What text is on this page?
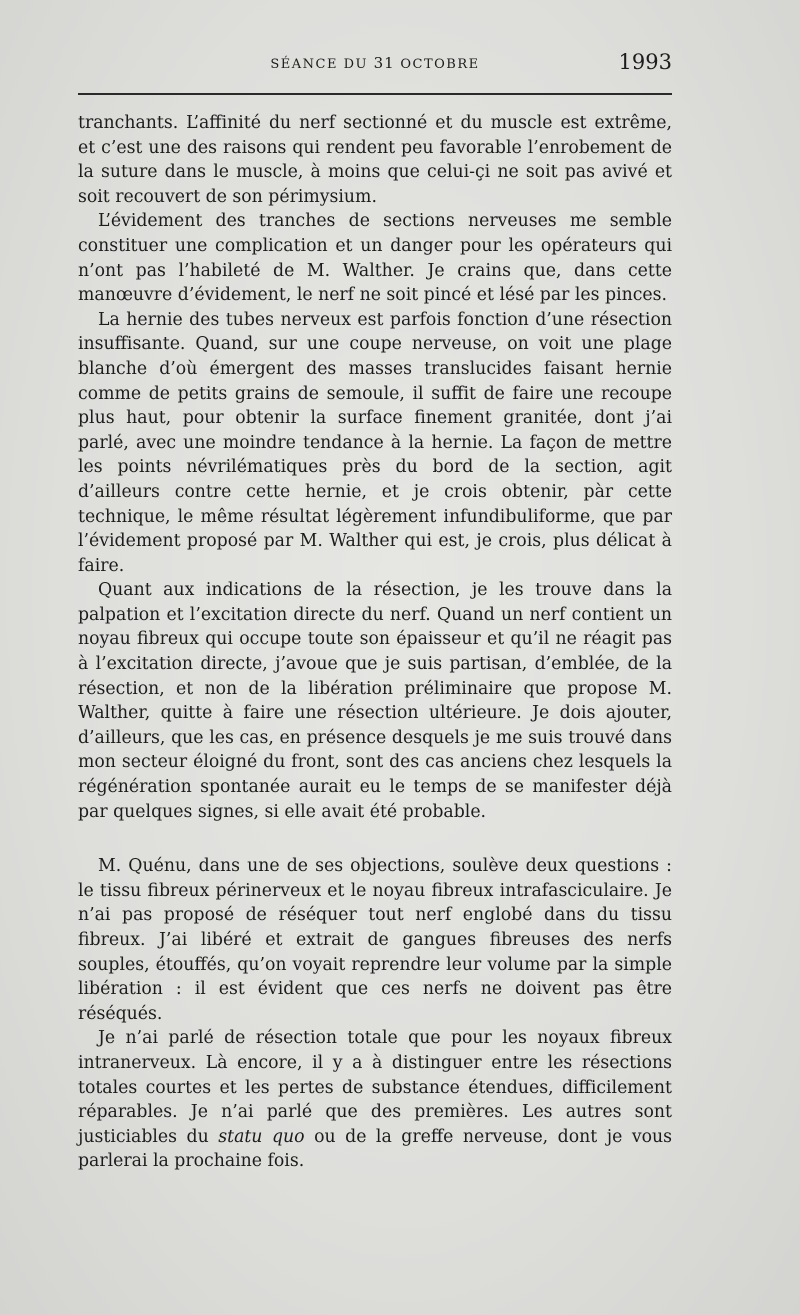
SÉANCE DU 31 OCTOBRE	1993

tranchants. L’affinité du nerf sectionné et du muscle est extrême, et c’est une des raisons qui rendent peu favorable l’enrobement de la suture dans le muscle, à moins que celui-çi ne soit pas avivé et soit recouvert de son périmysium.

L’évidement des tranches de sections nerveuses me semble constituer une complication et un danger pour les opérateurs qui n’ont pas l’habileté de M. Walther. Je crains que, dans cette manœuvre d’évidement, le nerf ne soit pincé et lésé par les pinces.

La hernie des tubes nerveux est parfois fonction d’une résection insuffisante. Quand, sur une coupe nerveuse, on voit une plage blanche d’où émergent des masses translucides faisant hernie comme de petits grains de semoule, il suffit de faire une recoupe plus haut, pour obtenir la surface finement granitée, dont j’ai parlé, avec une moindre tendance à la hernie. La façon de mettre les points névrilématiques près du bord de la section, agit d’ailleurs contre cette hernie, et je crois obtenir, pàr cette technique, le même résultat légèrement infundibuliforme, que par l’évidement proposé par M. Walther qui est, je crois, plus délicat à faire.

Quant aux indications de la résection, je les trouve dans la palpation et l’excitation directe du nerf. Quand un nerf contient un noyau fibreux qui occupe toute son épaisseur et qu’il ne réagit pas à l’excitation directe, j’avoue que je suis partisan, d’emblée, de la résection, et non de la libération préliminaire que propose M. Walther, quitte à faire une résection ultérieure. Je dois ajouter, d’ailleurs, que les cas, en présence desquels je me suis trouvé dans mon secteur éloigné du front, sont des cas anciens chez lesquels la régénération spontanée aurait eu le temps de se manifester déjà par quelques signes, si elle avait été probable.

M. Quénu, dans une de ses objections, soulève deux questions : le tissu fibreux périnerveux et le noyau fibreux intrafasciculaire. Je n’ai pas proposé de réséquer tout nerf englobé dans du tissu fibreux. J’ai libéré et extrait de gangues fibreuses des nerfs souples, étouffés, qu’on voyait reprendre leur volume par la simple libération : il est évident que ces nerfs ne doivent pas être réséqués.

Je n’ai parlé de résection totale que pour les noyaux fibreux intranerveux. Là encore, il y a à distinguer entre les résections totales courtes et les pertes de substance étendues, difficilement réparables. Je n’ai parlé que des premières. Les autres sont justiciables du statu quo ou de la greffe nerveuse, dont je vous parlerai la prochaine fois.
